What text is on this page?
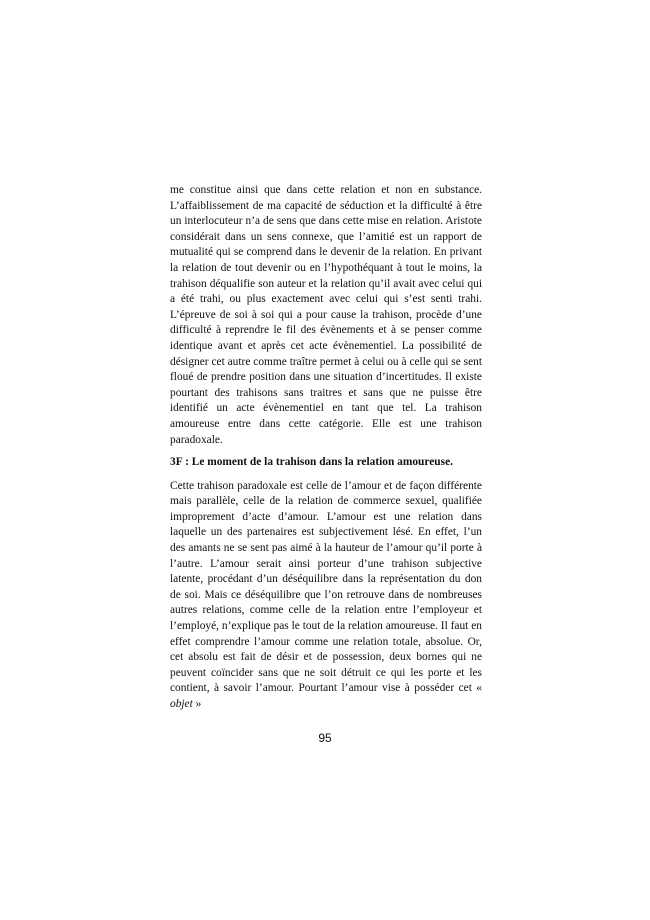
me constitue ainsi que dans cette relation et non en substance. L’affaiblissement de ma capacité de séduction et la difficulté à être un interlocuteur n’a de sens que dans cette mise en relation. Aristote considérait dans un sens connexe, que l’amitié est un rapport de mutualité qui se comprend dans le devenir de la relation. En privant la relation de tout devenir ou en l’hypothéquant à tout le moins, la trahison déqualifie son auteur et la relation qu’il avait avec celui qui a été trahi, ou plus exactement avec celui qui s’est senti trahi. L’épreuve de soi à soi qui a pour cause la trahison, procède d’une difficulté à reprendre le fil des évènements et à se penser comme identique avant et après cet acte évènementiel. La possibilité de désigner cet autre comme traître permet à celui ou à celle qui se sent floué de prendre position dans une situation d’incertitudes. Il existe pourtant des trahisons sans traitres et sans que ne puisse être identifié un acte évènementiel en tant que tel. La trahison amoureuse entre dans cette catégorie. Elle est une trahison paradoxale.

3F : Le moment de la trahison dans la relation amoureuse.

Cette trahison paradoxale est celle de l’amour et de façon différente mais parallèle, celle de la relation de commerce sexuel, qualifiée improprement d’acte d’amour. L’amour est une relation dans laquelle un des partenaires est subjectivement lésé. En effet, l’un des amants ne se sent pas aimé à la hauteur de l’amour qu’il porte à l’autre. L’amour serait ainsi porteur d’une trahison subjective latente, procédant d’un déséquilibre dans la représentation du don de soi. Mais ce déséquilibre que l’on retrouve dans de nombreuses autres relations, comme celle de la relation entre l’employeur et l’employé, n’explique pas le tout de la relation amoureuse. Il faut en effet comprendre l’amour comme une relation totale, absolue. Or, cet absolu est fait de désir et de possession, deux bornes qui ne peuvent coïncider sans que ne soit détruit ce qui les porte et les contient, à savoir l’amour. Pourtant l’amour vise à posséder cet « objet »

95
